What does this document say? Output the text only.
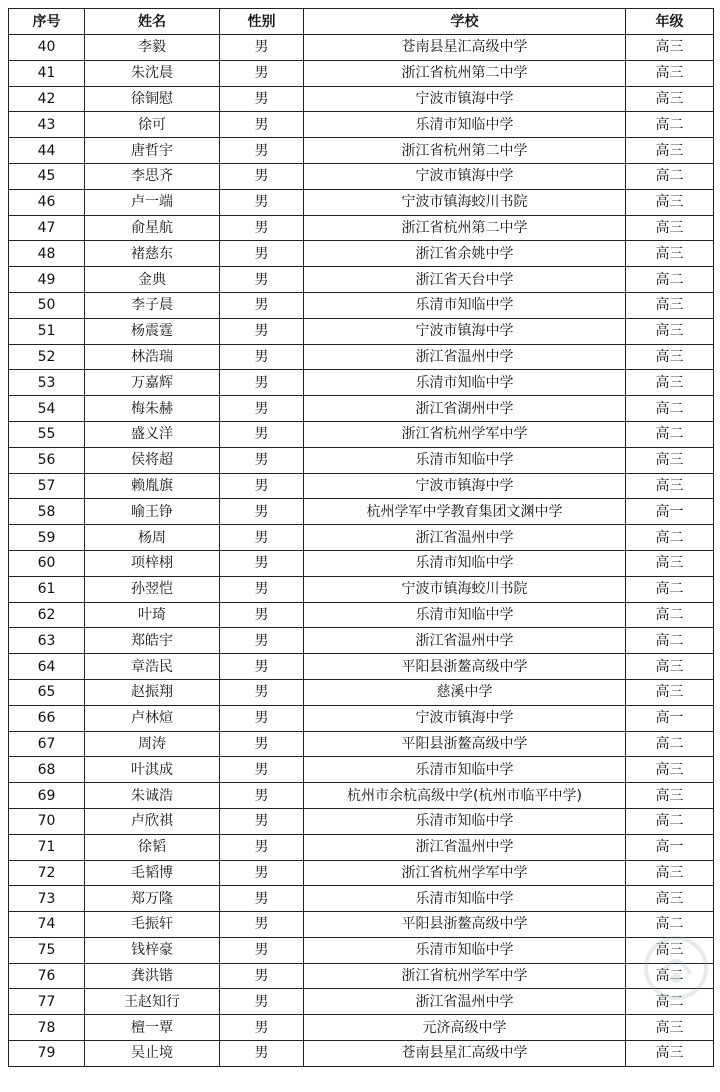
序号	姓名	性别	学校	年级
40	李毅	男	苍南县星汇高级中学	高三
41	朱沈晨	男	浙江省杭州第二中学	高三
42	徐铜慰	男	宁波市镇海中学	高三
43	徐可	男	乐清市知临中学	高二
44	唐哲宇	男	浙江省杭州第二中学	高三
45	李思齐	男	宁波市镇海中学	高二
46	卢一端	男	宁波市镇海蛟川书院	高三
47	俞星航	男	浙江省杭州第二中学	高三
48	褚慈东	男	浙江省余姚中学	高三
49	金典	男	浙江省天台中学	高二
50	李子晨	男	乐清市知临中学	高三
51	杨震霆	男	宁波市镇海中学	高三
52	林浩瑞	男	浙江省温州中学	高三
53	万嘉辉	男	乐清市知临中学	高三
54	梅朱赫	男	浙江省湖州中学	高二
55	盛义洋	男	浙江省杭州学军中学	高二
56	侯将超	男	乐清市知临中学	高三
57	赖胤旗	男	宁波市镇海中学	高三
58	喻王铮	男	杭州学军中学教育集团文渊中学	高一
59	杨周	男	浙江省温州中学	高二
60	项梓栩	男	乐清市知临中学	高三
61	孙翌恺	男	宁波市镇海蛟川书院	高二
62	叶琦	男	乐清市知临中学	高二
63	郑皓宇	男	浙江省温州中学	高二
64	章浩民	男	平阳县浙鳌高级中学	高三
65	赵振翔	男	慈溪中学	高三
66	卢林煊	男	宁波市镇海中学	高一
67	周涛	男	平阳县浙鳌高级中学	高二
68	叶淇成	男	乐清市知临中学	高三
69	朱诚浩	男	杭州市余杭高级中学(杭州市临平中学)	高三
70	卢欣祺	男	乐清市知临中学	高二
71	徐韬	男	浙江省温州中学	高一
72	毛韬博	男	浙江省杭州学军中学	高三
73	郑万隆	男	乐清市知临中学	高三
74	毛振轩	男	平阳县浙鳌高级中学	高二
75	钱梓豪	男	乐清市知临中学	高三
76	龚洪锴	男	浙江省杭州学军中学	高二
77	王赵知行	男	浙江省温州中学	高二
78	檀一覃	男	元济高级中学	高三
79	吴止境	男	苍南县星汇高级中学	高三
